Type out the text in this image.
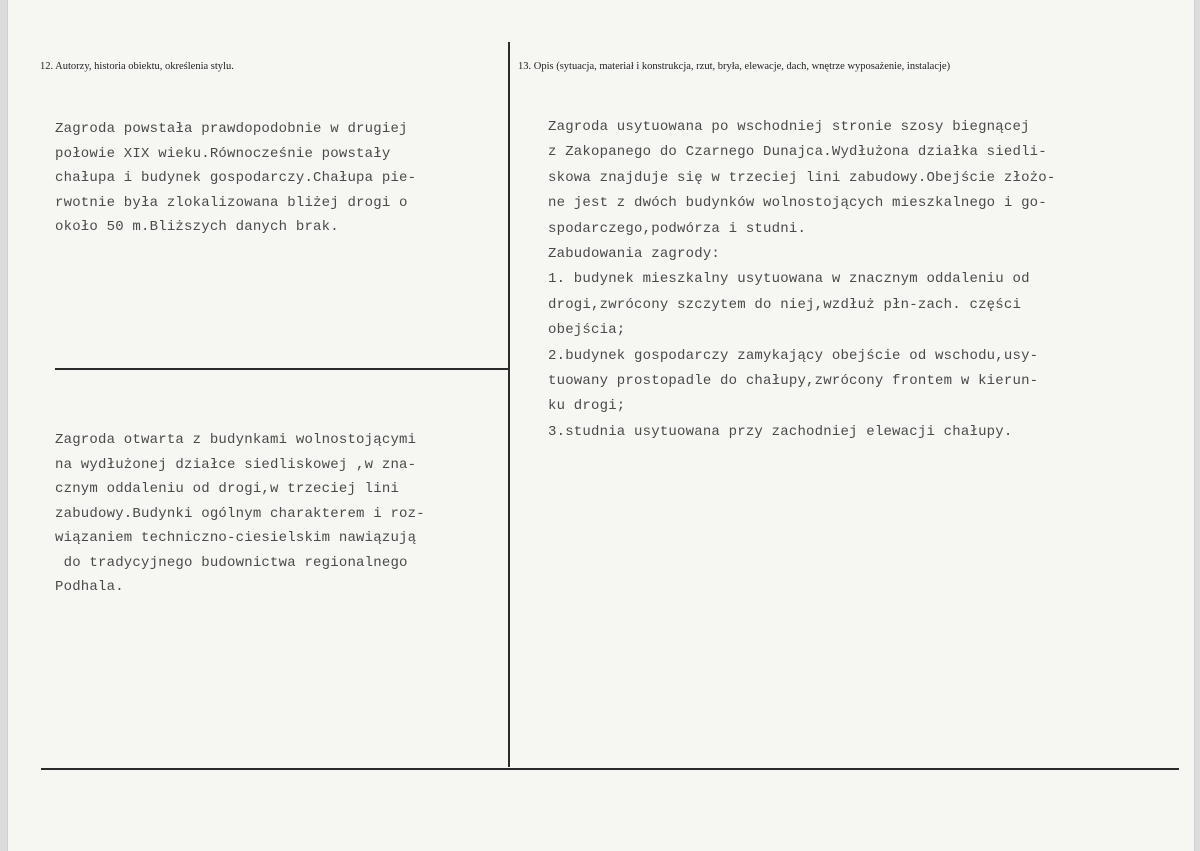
12. Autorzy, historia obiektu, określenia stylu.	13. Opis (sytuacja, materiał i konstrukcja, rzut, bryła, elewacje, dach, wnętrze wyposażenie, instalacje)
Zagroda powstała prawdopodobnie w drugiej
połowie XIX wieku.Równocześnie powstały
chałupa i budynek gospodarczy.Chałupa pie-
rwotnie była zlokalizowana bliżej drogi o
około 50 m.Bliższych danych brak.
Zagroda otwarta z budynkami wolnostojącymi
na wydłużonej działce siedliskowej ,w zna-
cznym oddaleniu od drogi,w trzeciej lini
zabudowy.Budynki ogólnym charakterem i roz-
wiązaniem techniczno-ciesielskim nawiązują
do tradycyjnego budownictwa regionalnego
Podhala.
Zagroda usytuowana po wschodniej stronie szosy biegnącej
z Zakopanego do Czarnego Dunajca.Wydłużona działka siedli-
skowa znajduje się w trzeciej lini zabudowy.Obejście złożo-
ne jest z dwóch budynków wolnostojących mieszkalnego i go-
spodarczego,podwórza i studni.
Zabudowania zagrody:
1. budynek mieszkalny usytuowana w znacznym oddaleniu od
drogi,zwrócony szczytem do niej,wzdłuż płn-zach. części
obejścia;
2.budynek gospodarczy zamykający obejście od wschodu,usy-
tuowany prostopadle do chałupy,zwrócony frontem w kierun-
ku drogi;
3.studnia usytuowana przy zachodniej elewacji chałupy.
